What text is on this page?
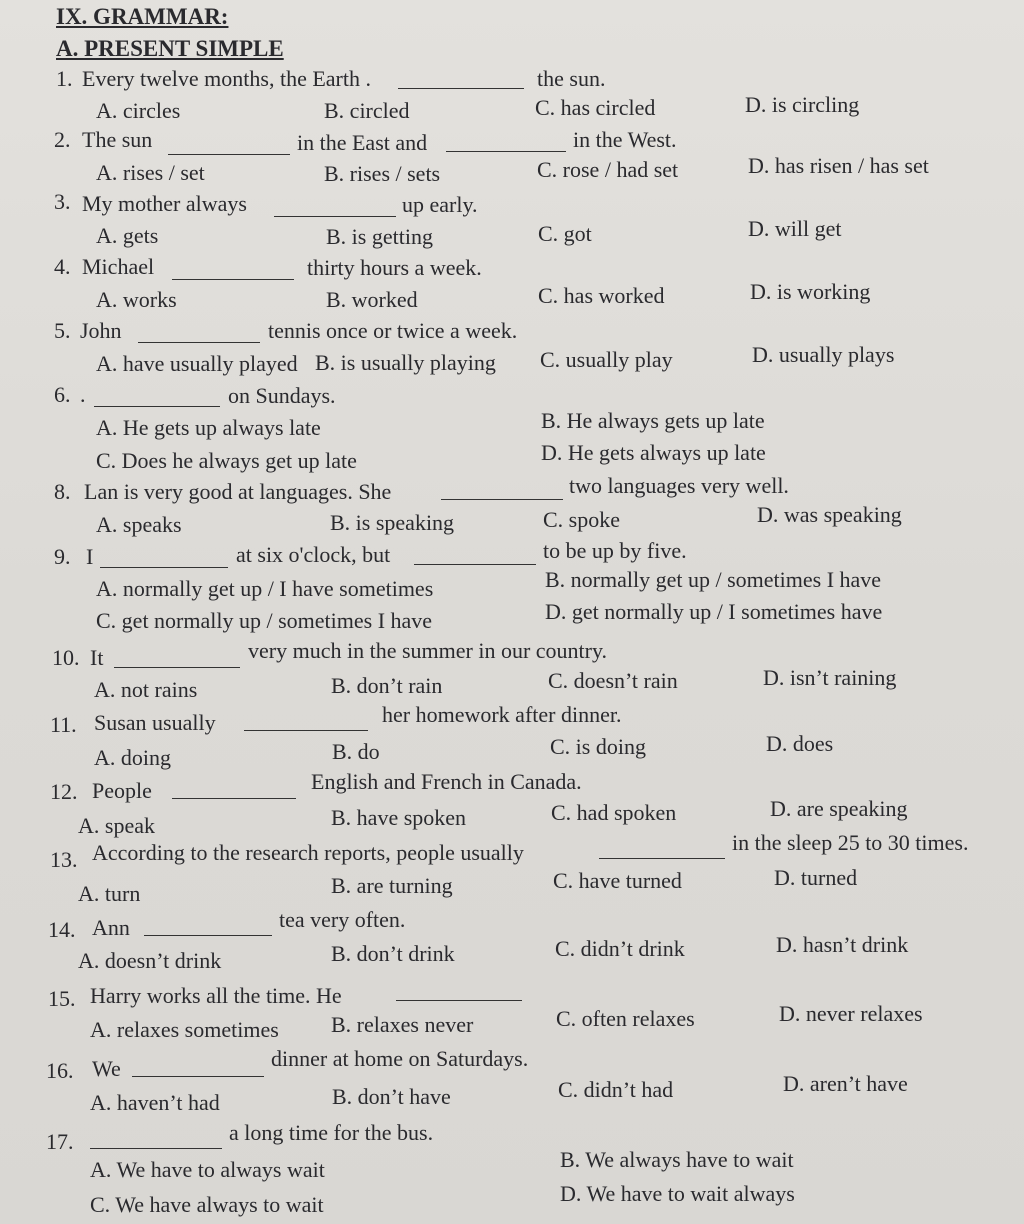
IX. GRAMMAR:
A. PRESENT SIMPLE
1. Every twelve months, the Earth .	the sun.
A. circles	B. circled	C. has circled	D. is circling
2. The sun	in the East and	in the West.
A. rises / set	B. rises / sets	C. rose / had set	D. has risen / has set
3. My mother always	up early.
A. gets	B. is getting	C. got	D. will get
4. Michael	thirty hours a week.
A. works	B. worked	C. has worked	D. is working
5. John	tennis once or twice a week.
A. have usually played B. is usually playing C. usually play	D. usually plays
6. .	on Sundays.
A. He gets up always late	B. He always gets up late
C. Does he always get up late	D. He gets always up late
8. Lan is very good at languages. She	two languages very well.
A. speaks	B. is speaking	C. spoke	D. was speaking
9. I	at six o'clock, but	to be up by five.
A. normally get up / I have sometimes	B. normally get up / sometimes I have
C. get normally up / sometimes I have	D. get normally up / I sometimes have
10. It	very much in the summer in our country.
A. not rains	B. don’t rain	C. doesn’t rain	D. isn’t raining
11. Susan usually	her homework after dinner.
A. doing	B. do	C. is doing	D. does
12. People	English and French in Canada.
A. speak	B. have spoken	C. had spoken	D. are speaking
13. According to the research reports, people usually	in the sleep 25 to 30 times.
A. turn	B. are turning	C. have turned	D. turned
14. Ann	tea very often.
A. doesn’t drink	B. don’t drink	C. didn’t drink	D. hasn’t drink
15. Harry works all the time. He
A. relaxes sometimes B. relaxes never	C. often relaxes	D. never relaxes
16. We	dinner at home on Saturdays.
A. haven’t had	B. don’t have	C. didn’t had	D. aren’t have
17.	a long time for the bus.
A. We have to always wait	B. We always have to wait
C. We have always to wait	D. We have to wait always
